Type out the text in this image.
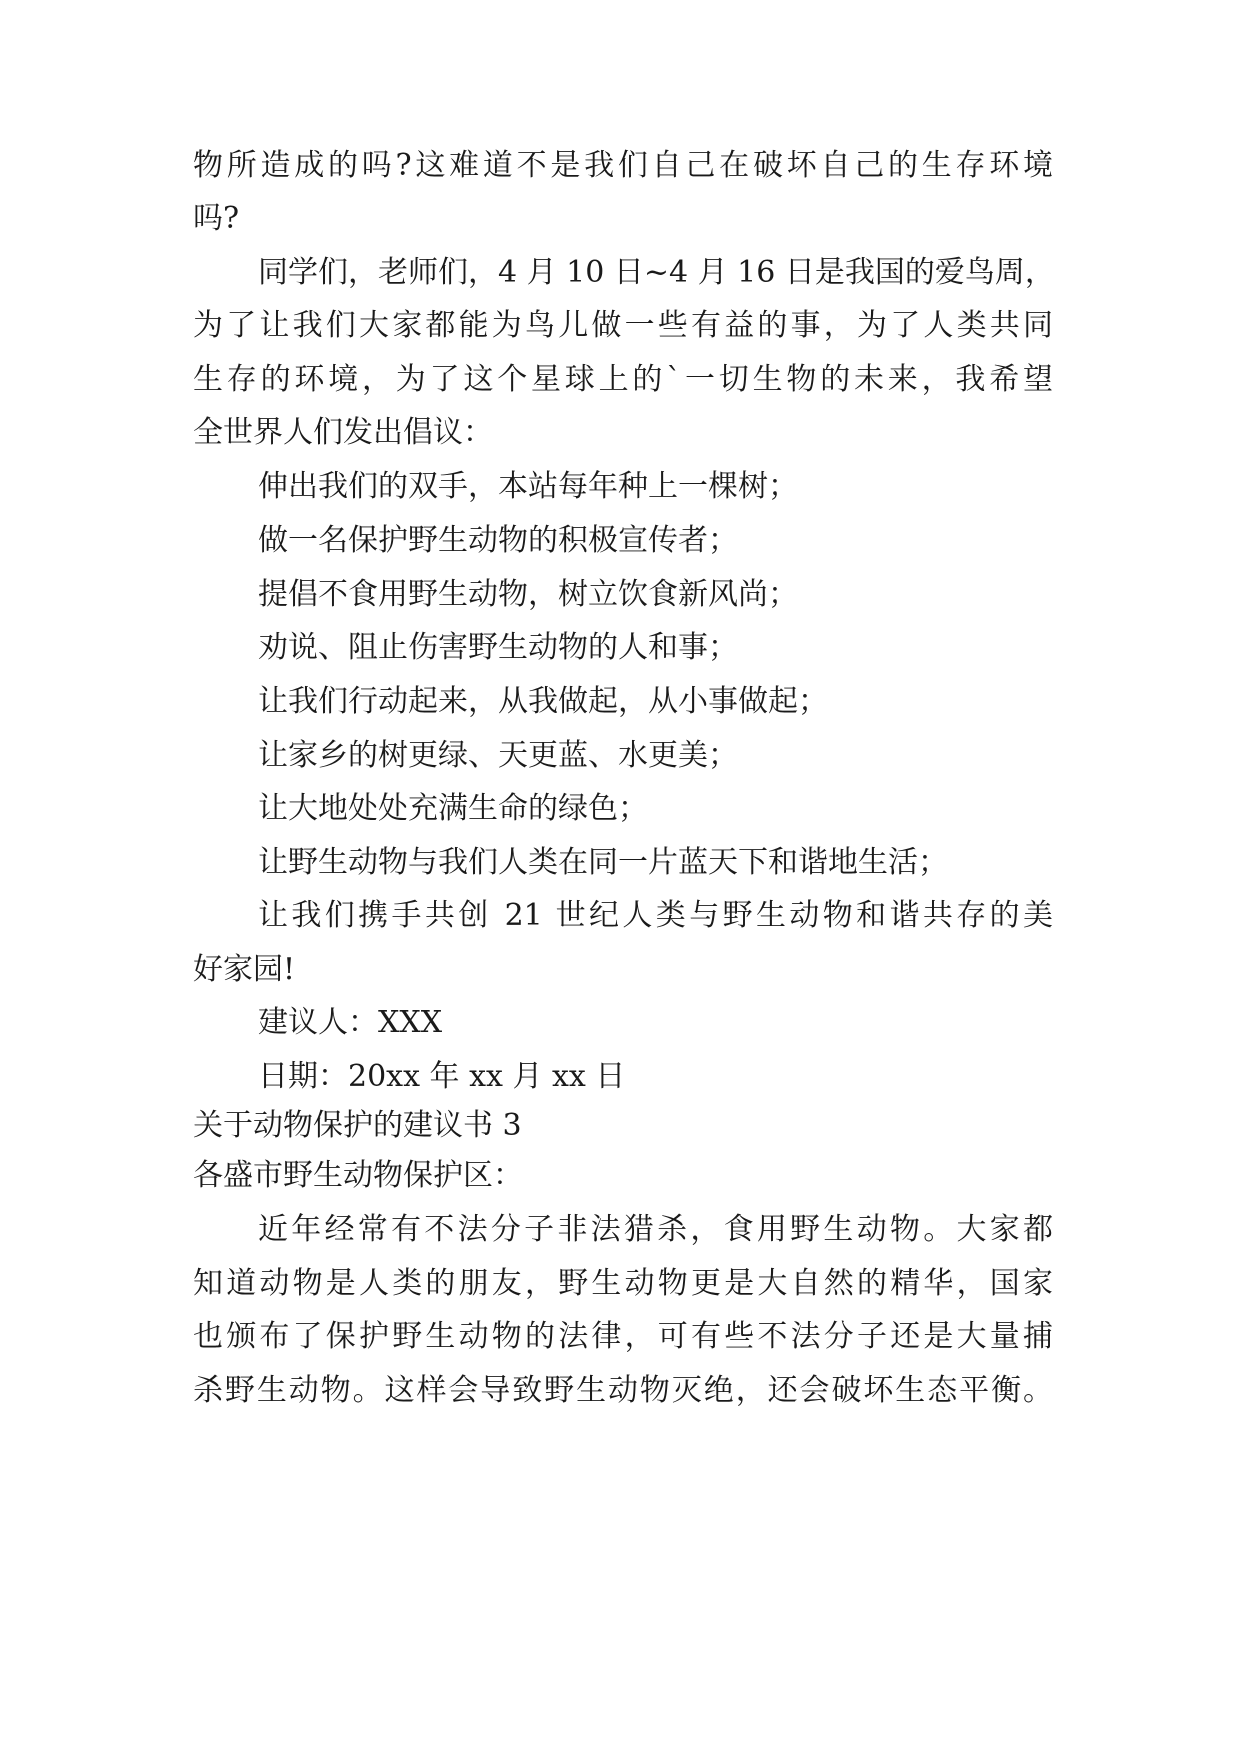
物所造成的吗?这难道不是我们自己在破坏自己的生存环境
吗?
同学们，老师们，4 月 10 日~4 月 16 日是我国的爱鸟周，
为了让我们大家都能为鸟儿做一些有益的事，为了人类共同
生存的环境，为了这个星球上的`一切生物的未来，我希望
全世界人们发出倡议：
伸出我们的双手，本站每年种上一棵树；
做一名保护野生动物的积极宣传者；
提倡不食用野生动物，树立饮食新风尚；
劝说、阻止伤害野生动物的人和事；
让我们行动起来，从我做起，从小事做起；
让家乡的树更绿、天更蓝、水更美；
让大地处处充满生命的绿色；
让野生动物与我们人类在同一片蓝天下和谐地生活；
让我们携手共创 21 世纪人类与野生动物和谐共存的美
好家园!
建议人：XXX
日期：20xx 年 xx 月 xx 日
关于动物保护的建议书 3
各盛市野生动物保护区：
近年经常有不法分子非法猎杀，食用野生动物。大家都
知道动物是人类的朋友，野生动物更是大自然的精华，国家
也颁布了保护野生动物的法律，可有些不法分子还是大量捕
杀野生动物。这样会导致野生动物灭绝，还会破坏生态平衡。
